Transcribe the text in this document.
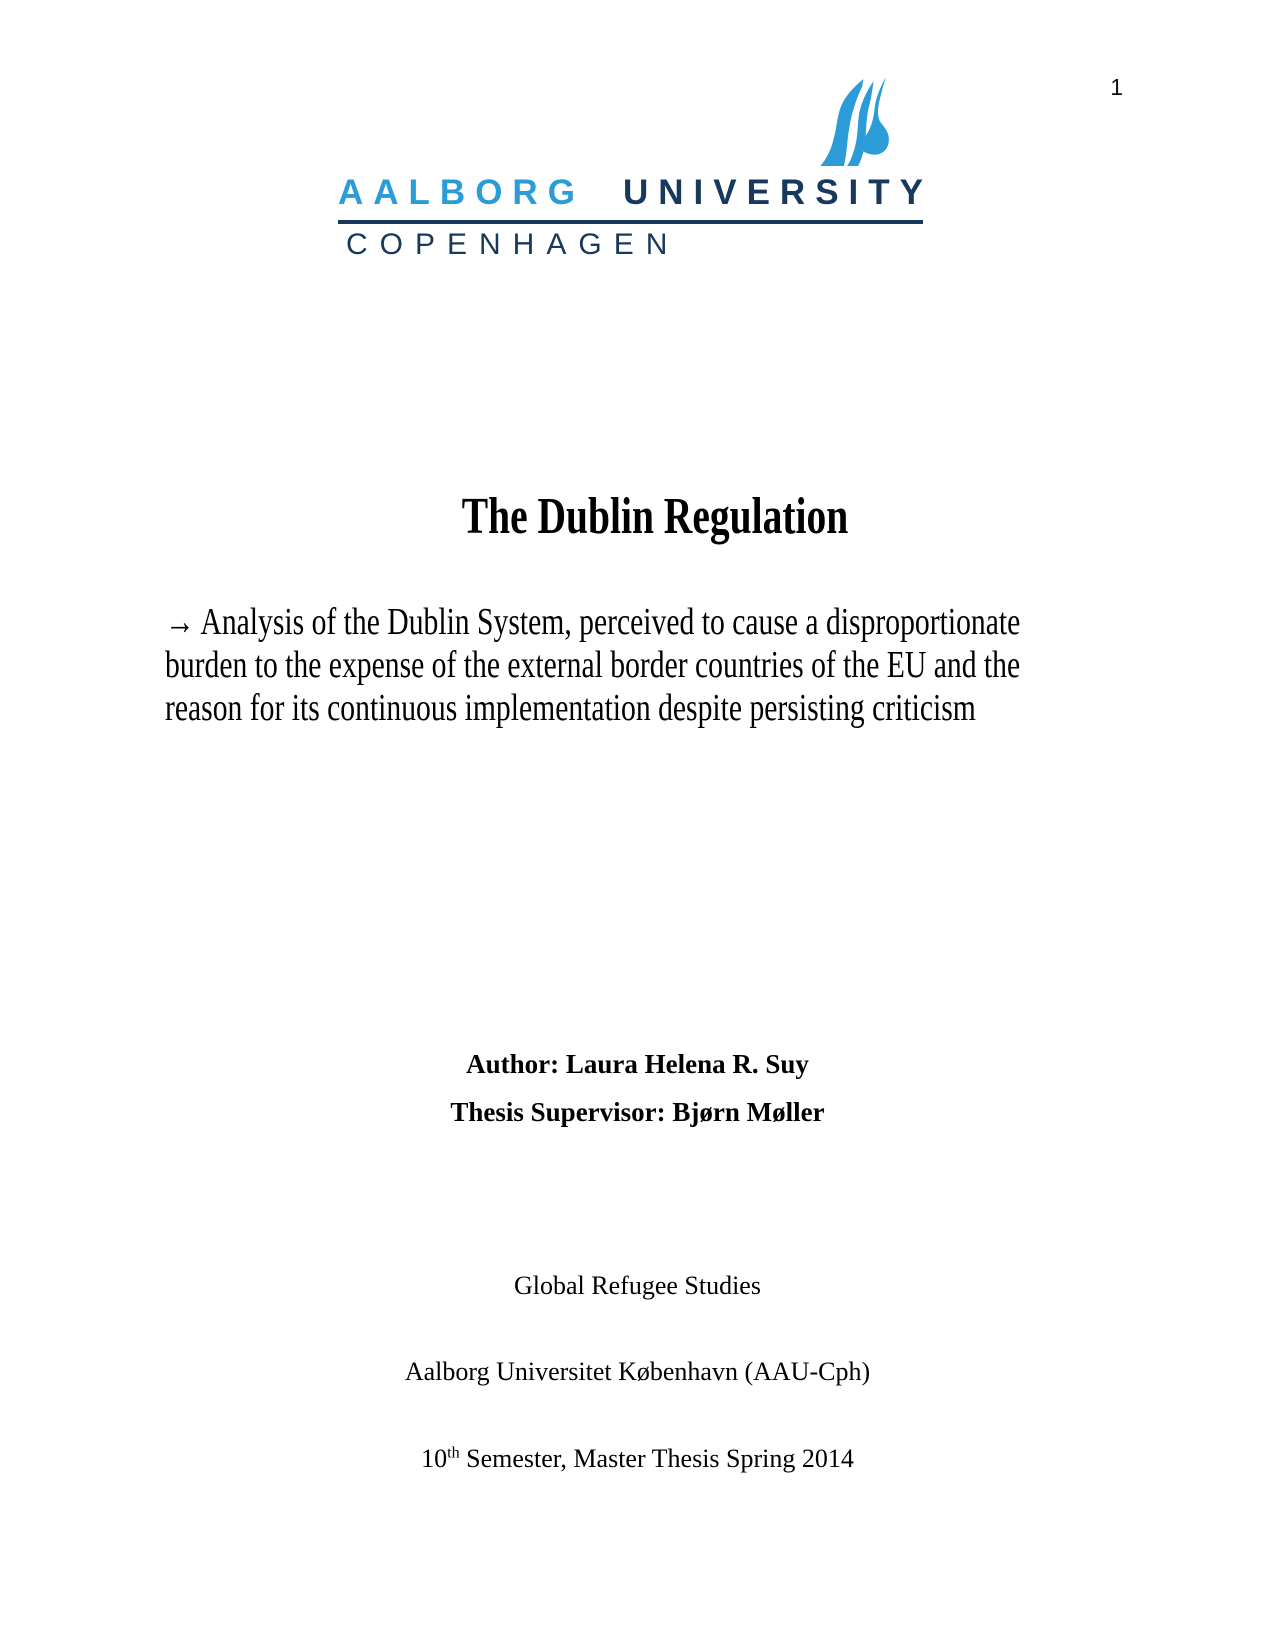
1
AALBORG UNIVERSITY
COPENHAGEN
The Dublin Regulation
→ Analysis of the Dublin System, perceived to cause a disproportionate
burden to the expense of the external border countries of the EU and the
reason for its continuous implementation despite persisting criticism
Author: Laura Helena R. Suy
Thesis Supervisor: Bjørn Møller
Global Refugee Studies
Aalborg Universitet København (AAU-Cph)
10th Semester, Master Thesis Spring 2014
